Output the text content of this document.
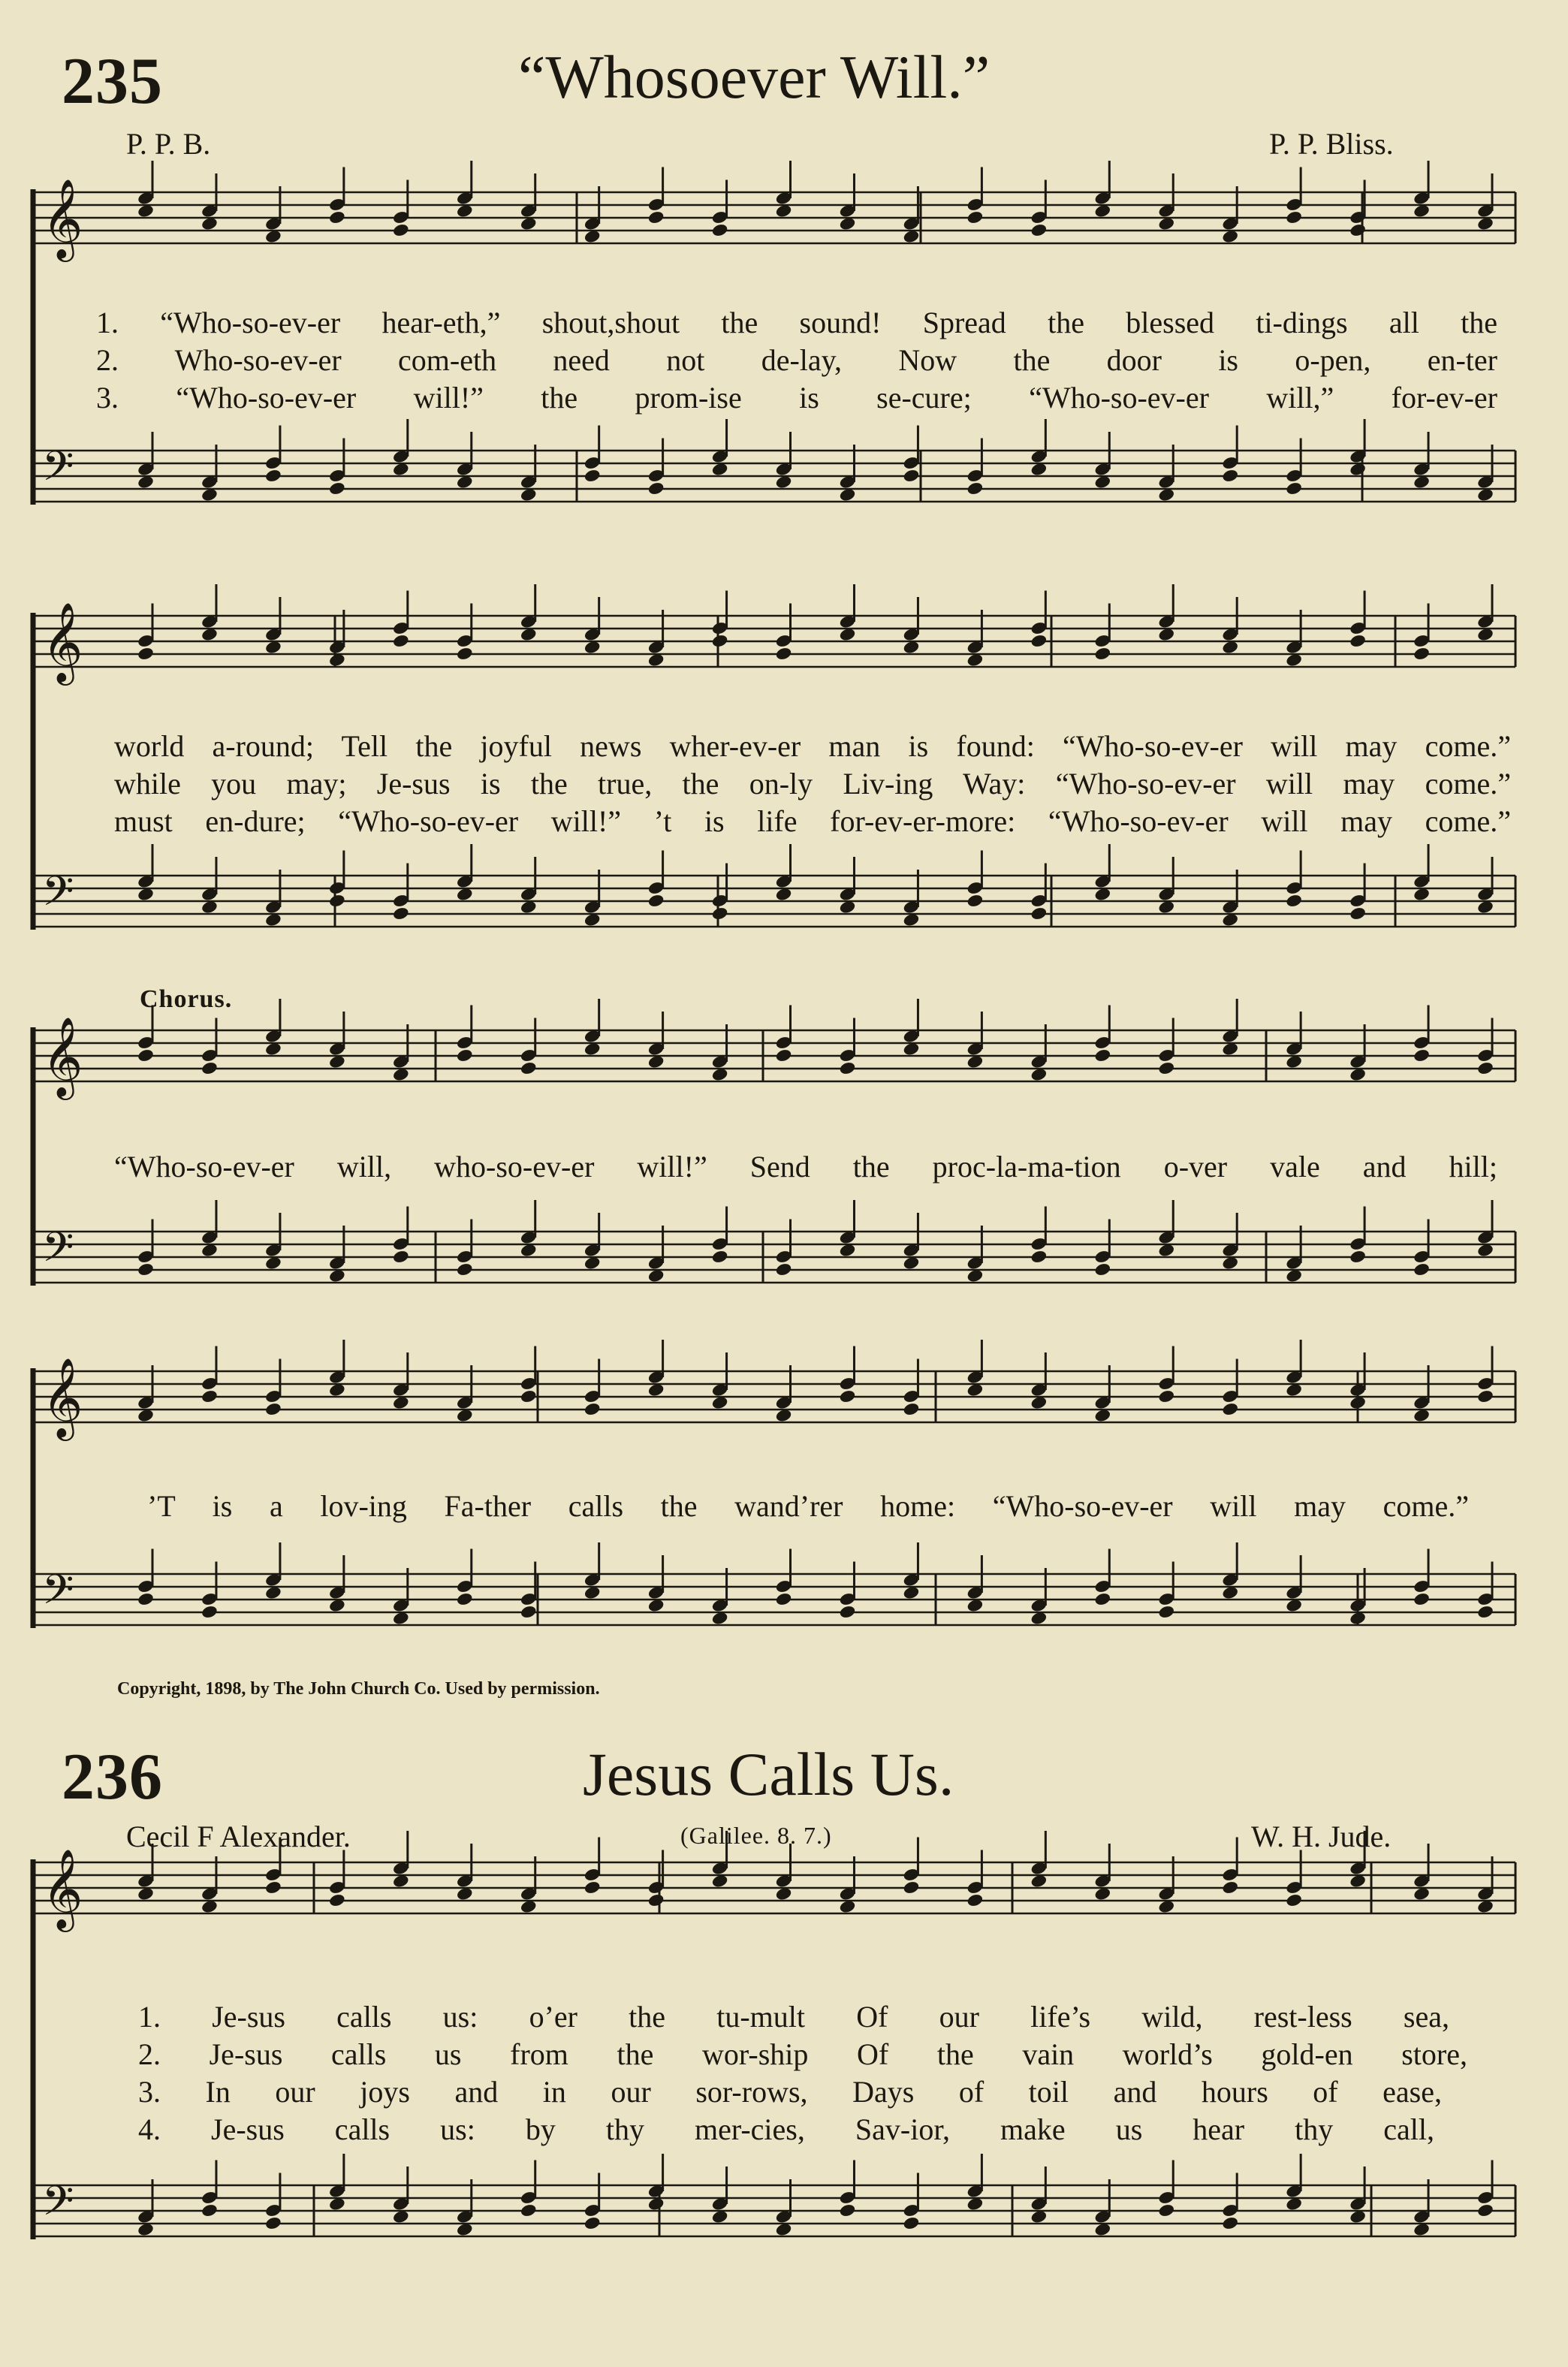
𝄞
𝄢
𝄞
𝄢
𝄞
𝄢
𝄞
𝄢
𝄞
𝄢
235	“Whosoever Will.”
P. P. B.	P. P. Bliss.
1. “Who-so-ev-er hear-eth,” shout,shout the sound! Spread the blessed ti-dings all the
2. Who-so-ev-er com-eth need not de-lay, Now the door is o-pen, en-ter
3. “Who-so-ev-er will!” the prom-ise is se-cure; “Who-so-ev-er will,” for-ev-er
world a-round; Tell the joyful news wher-ev-er man is found: “Who-so-ev-er will may come.”
while you may; Je-sus is the true, the on-ly Liv-ing Way: “Who-so-ev-er will may come.”
must en-dure; “Who-so-ev-er will!” ’t is life for-ev-er-more: “Who-so-ev-er will may come.”
Chorus.
“Who-so-ev-er will, who-so-ev-er will!” Send the proc-la-ma-tion o-ver vale and hill;
’T is a lov-ing Fa-ther calls the wand’rer home: “Who-so-ev-er will may come.”
Copyright, 1898, by The John Church Co. Used by permission.
236	Jesus Calls Us.
Cecil F Alexander.	(Galilee. 8. 7.)	W. H. Jude.
1. Je-sus calls us: o’er the tu-mult Of our life’s wild, rest-less sea,
2. Je-sus calls us from the wor-ship Of the vain world’s gold-en store,
3. In our joys and in our sor-rows, Days of toil and hours of ease,
4. Je-sus calls us: by thy mer-cies, Sav-ior, make us hear thy call,
